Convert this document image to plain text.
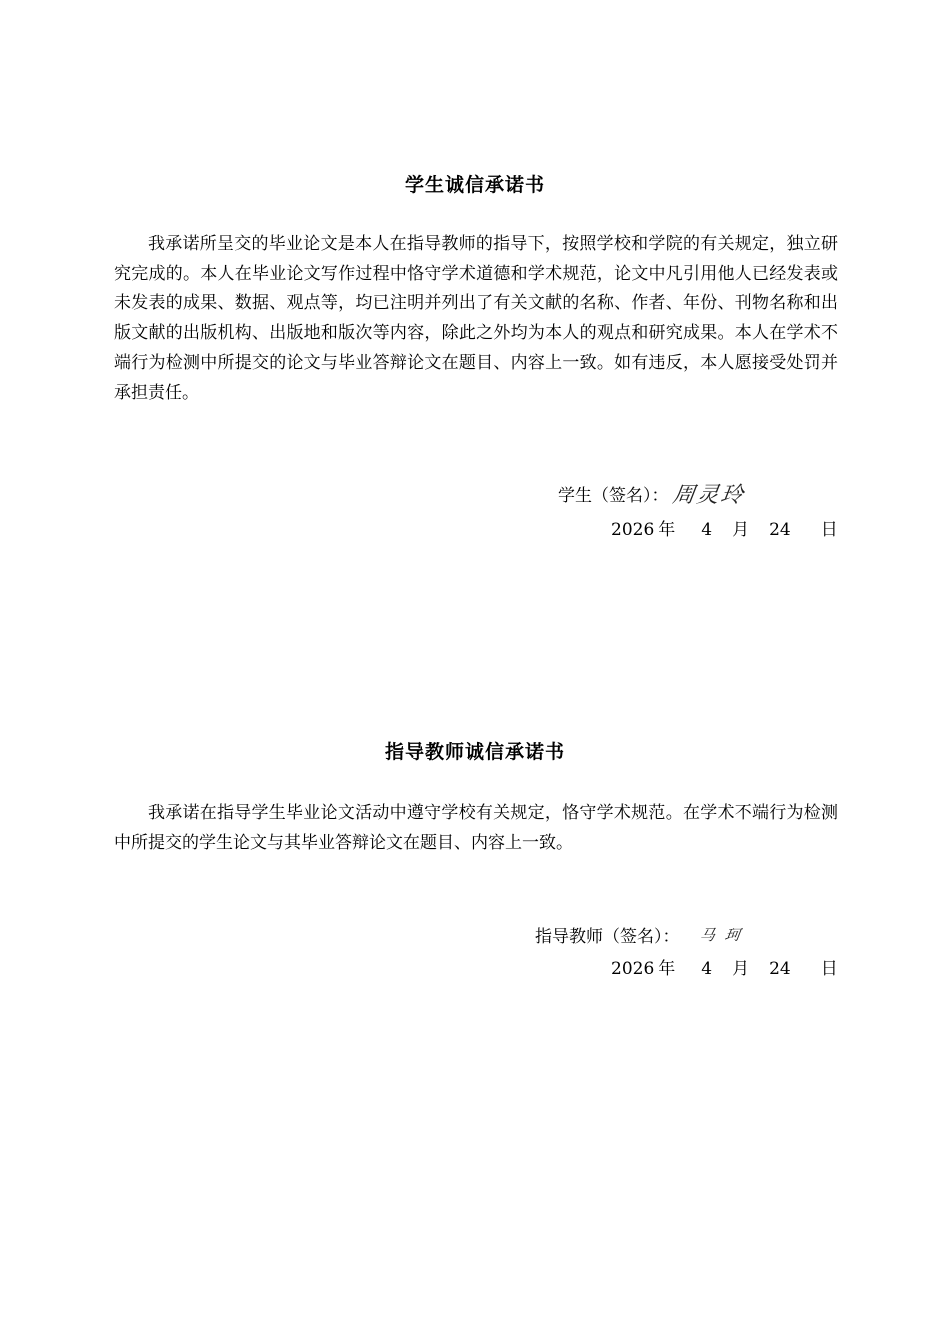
学生诚信承诺书

我承诺所呈交的毕业论文是本人在指导教师的指导下，按照学校和学院的有关规定，独立研究完成的。本人在毕业论文写作过程中恪守学术道德和学术规范，论文中凡引用他人已经发表或未发表的成果、数据、观点等，均已注明并列出了有关文献的名称、作者、年份、刊物名称和出版文献的出版机构、出版地和版次等内容，除此之外均为本人的观点和研究成果。本人在学术不端行为检测中所提交的论文与毕业答辩论文在题目、内容上一致。如有违反，本人愿接受处罚并承担责任。

学生（签名）： 周灵玲
2026 年 4 月 24 日
指导教师诚信承诺书

我承诺在指导学生毕业论文活动中遵守学校有关规定，恪守学术规范。在学术不端行为检测中所提交的学生论文与其毕业答辩论文在题目、内容上一致。

指导教师（签名）： 马珂
2026 年 4 月 24 日
